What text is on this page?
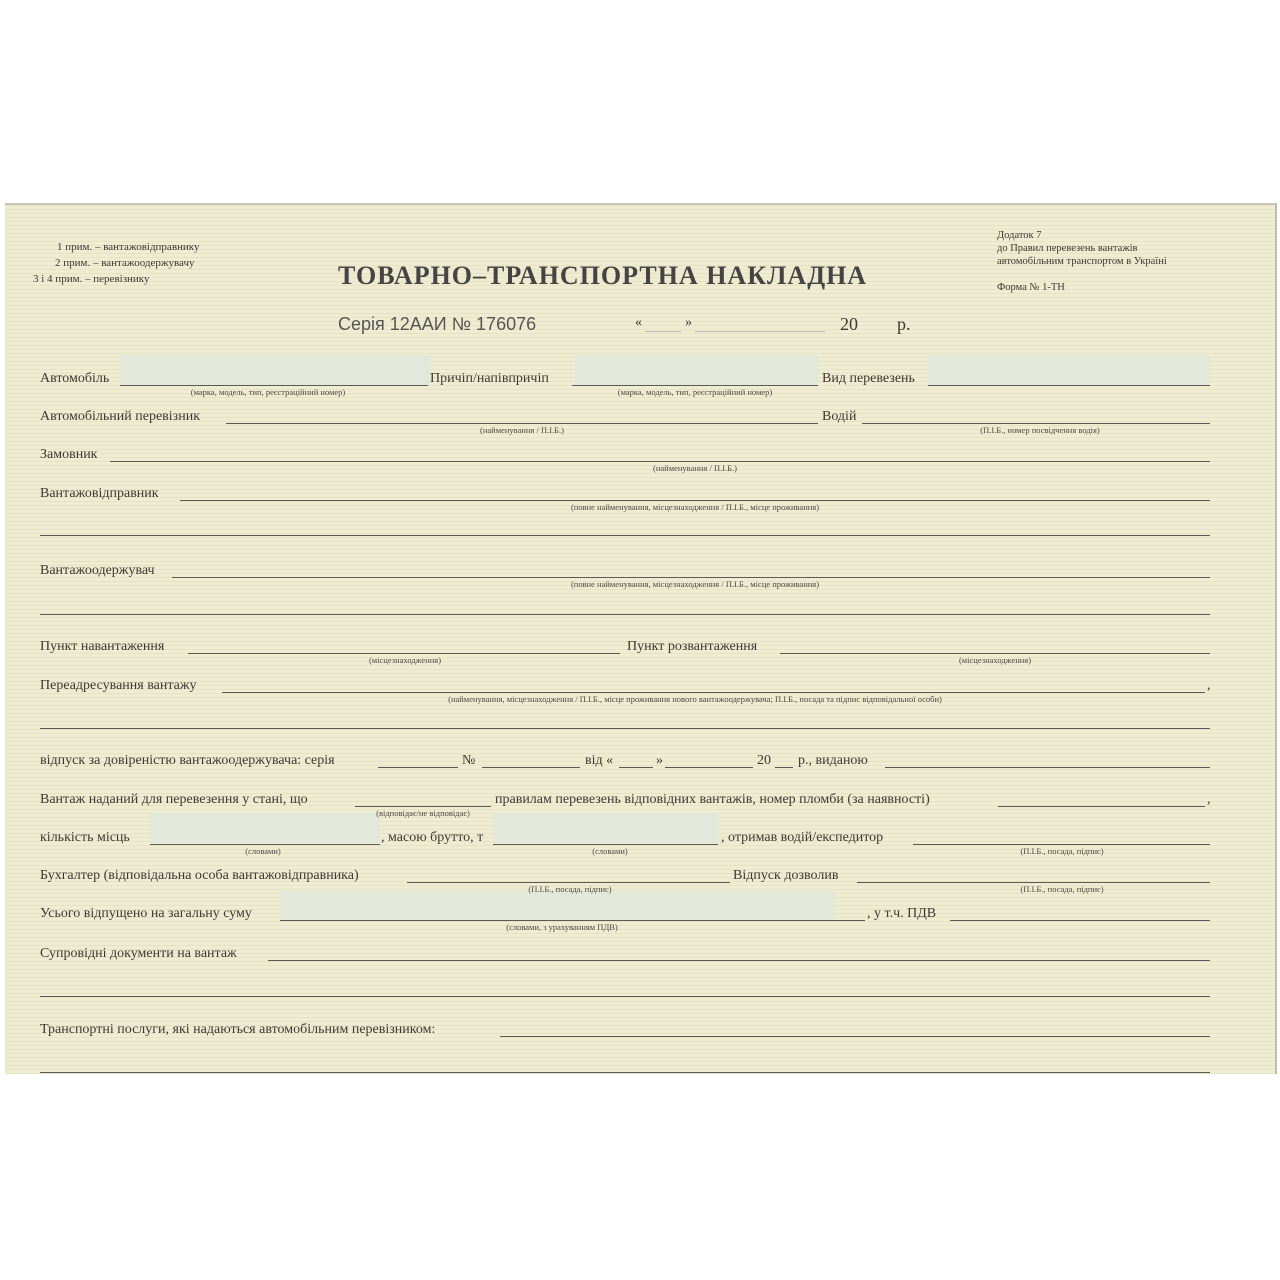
1 прим. – вантажовідправнику
2 прим. – вантажоодержувачу
3 і 4 прим. – перевізнику
Додаток 7
до Правил перевезень вантажів
автомобільним транспортом в Україні
Форма № 1-ТН
ТОВАРНО–ТРАНСПОРТНА НАКЛАДНА
Серія 12ААИ № 176076	«	»	20 р.
Автомобіль
(марка, модель, тип, реєстраційний номер)
Причіп/напівпричіп
(марка, модель, тип, реєстраційний номер)
Вид перевезень
Автомобільний перевізник
(найменування / П.І.Б.)
Водій
(П.І.Б., номер посвідчення водія)
Замовник
(найменування / П.І.Б.)
Вантажовідправник
(повне найменування, місцезнаходження / П.І.Б., місце проживання)
Вантажоодержувач
(повне найменування, місцезнаходження / П.І.Б., місце проживання)
Пункт навантаження
(місцезнаходження)
Пункт розвантаження
(місцезнаходження)
Переадресування вантажу	,
(найменування, місцезнаходження / П.І.Б., місце проживання нового вантажоодержувача; П.І.Б., посада та підпис відповідальної особи)
відпуск за довіреністю вантажоодержувача: серія	№	від «	»	20 р., виданою
Вантаж наданий для перевезення у стані, що
(відповідає/не відповідає)
правилам перевезень відповідних вантажів, номер пломби (за наявності)	,
кількість місць
(словами)
, масою брутто, т
(словами)
, отримав водій/експедитор
(П.І.Б., посада, підпис)
Бухгалтер (відповідальна особа вантажовідправника)
(П.І.Б., посада, підпис)
Відпуск дозволив
(П.І.Б., посада, підпис)
Усього відпущено на загальну суму
(словами, з урахуванням ПДВ)
, у т.ч. ПДВ
Супровідні документи на вантаж
Транспортні послуги, які надаються автомобільним перевізником:
